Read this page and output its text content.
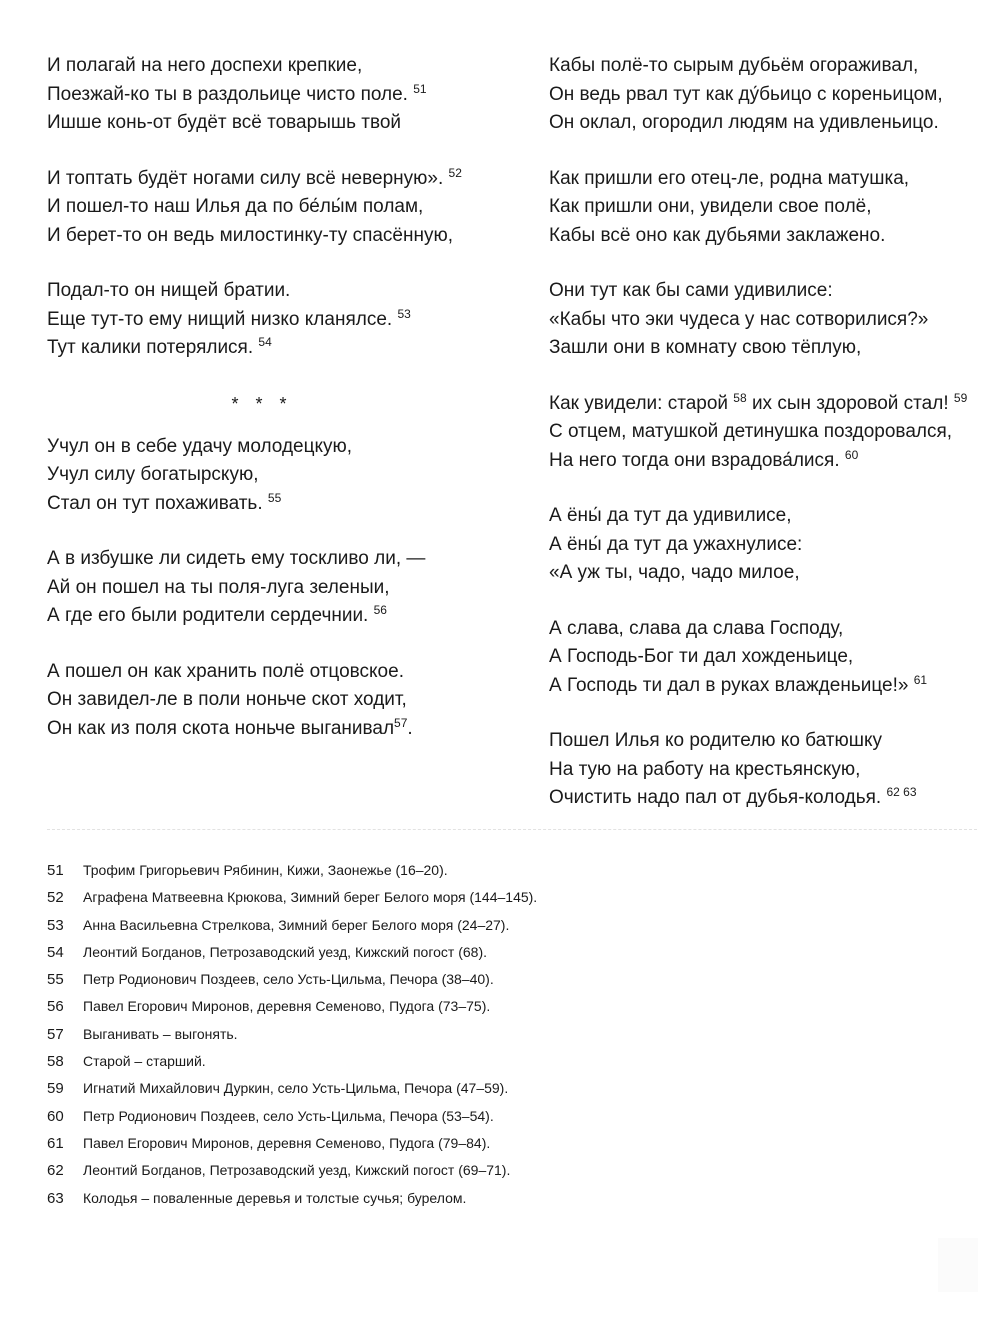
И полагай на него доспехи крепкие,
Поезжай-ко ты в раздольице чисто поле. $^{51}$
Ишше конь-от будёт всё товарышь твой
И топтать будёт ногами силу всё неверную». $^{52}$
И пошел-то наш Илья да по бе́лы́м полам,
И берет-то он ведь милостинку-ту спасённую,
Подал-то он нищей братии.
Еще тут-то ему нищий низко кланялсе. $^{53}$
Тут калики потерялися. $^{54}$
* * *
Учул он в себе удачу молодецкую,
Учул силу богатырскую,
Стал он тут похаживать. $^{55}$
А в избушке ли сидеть ему тоскливо ли, —
Ай он пошел на ты поля-луга зеленыи,
А где его были родители сердечнии. $^{56}$
А пошел он как хранить полё отцовское.
Он завидел-ле в поли ноньче скот ходит,
Он как из поля скота ноньче выганивал$^{57}$.
Кабы полё-то сырым дубьём огораживал,
Он ведь рвал тут как ду́бьицо с кореньицом,
Он оклал, огородил людям на удивленьицо.
Как пришли его отец-ле, родна матушка,
Как пришли они, увидели свое полё,
Кабы всё оно как дубьями заклажено.
Они тут как бы сами удивилисе:
«Кабы что эки чудеса у нас сотворилися?»
Зашли они в комнату свою тёплую,
Как увидели: старой $^{58}$ их сын здоровой стал! $^{59}$
С отцем, матушкой детинушка поздоровался,
На него тогда они взрадова́лися. $^{60}$
А ёны́ да тут да удивилисе,
А ёны́ да тут да ужахнулисе:
«А уж ты, чадо, чадо милое,
А слава, слава да слава Господу,
А Господь-Бог ти дал хожденьице,
А Господь ти дал в руках влажденьице!» $^{61}$
Пошел Илья ко родителю ко батюшку
На тую на работу на крестьянскую,
Очистить надо пал от дубья-колодья. $^{62 63}$
51 Трофим Григорьевич Рябинин, Кижи, Заонежье (16–20).
52 Аграфена Матвеевна Крюкова, Зимний берег Белого моря (144–145).
53 Анна Васильевна Стрелкова, Зимний берег Белого моря (24–27).
54 Леонтий Богданов, Петрозаводский уезд, Кижский погост (68).
55 Петр Родионович Поздеев, село Усть-Цильма, Печора (38–40).
56 Павел Егорович Миронов, деревня Семеново, Пудога (73–75).
57 Выганивать – выгонять.
58 Старой – старший.
59 Игнатий Михайлович Дуркин, село Усть-Цильма, Печора (47–59).
60 Петр Родионович Поздеев, село Усть-Цильма, Печора (53–54).
61 Павел Егорович Миронов, деревня Семеново, Пудога (79–84).
62 Леонтий Богданов, Петрозаводский уезд, Кижский погост (69–71).
63 Колодья – поваленные деревья и толстые сучья; бурелом.
